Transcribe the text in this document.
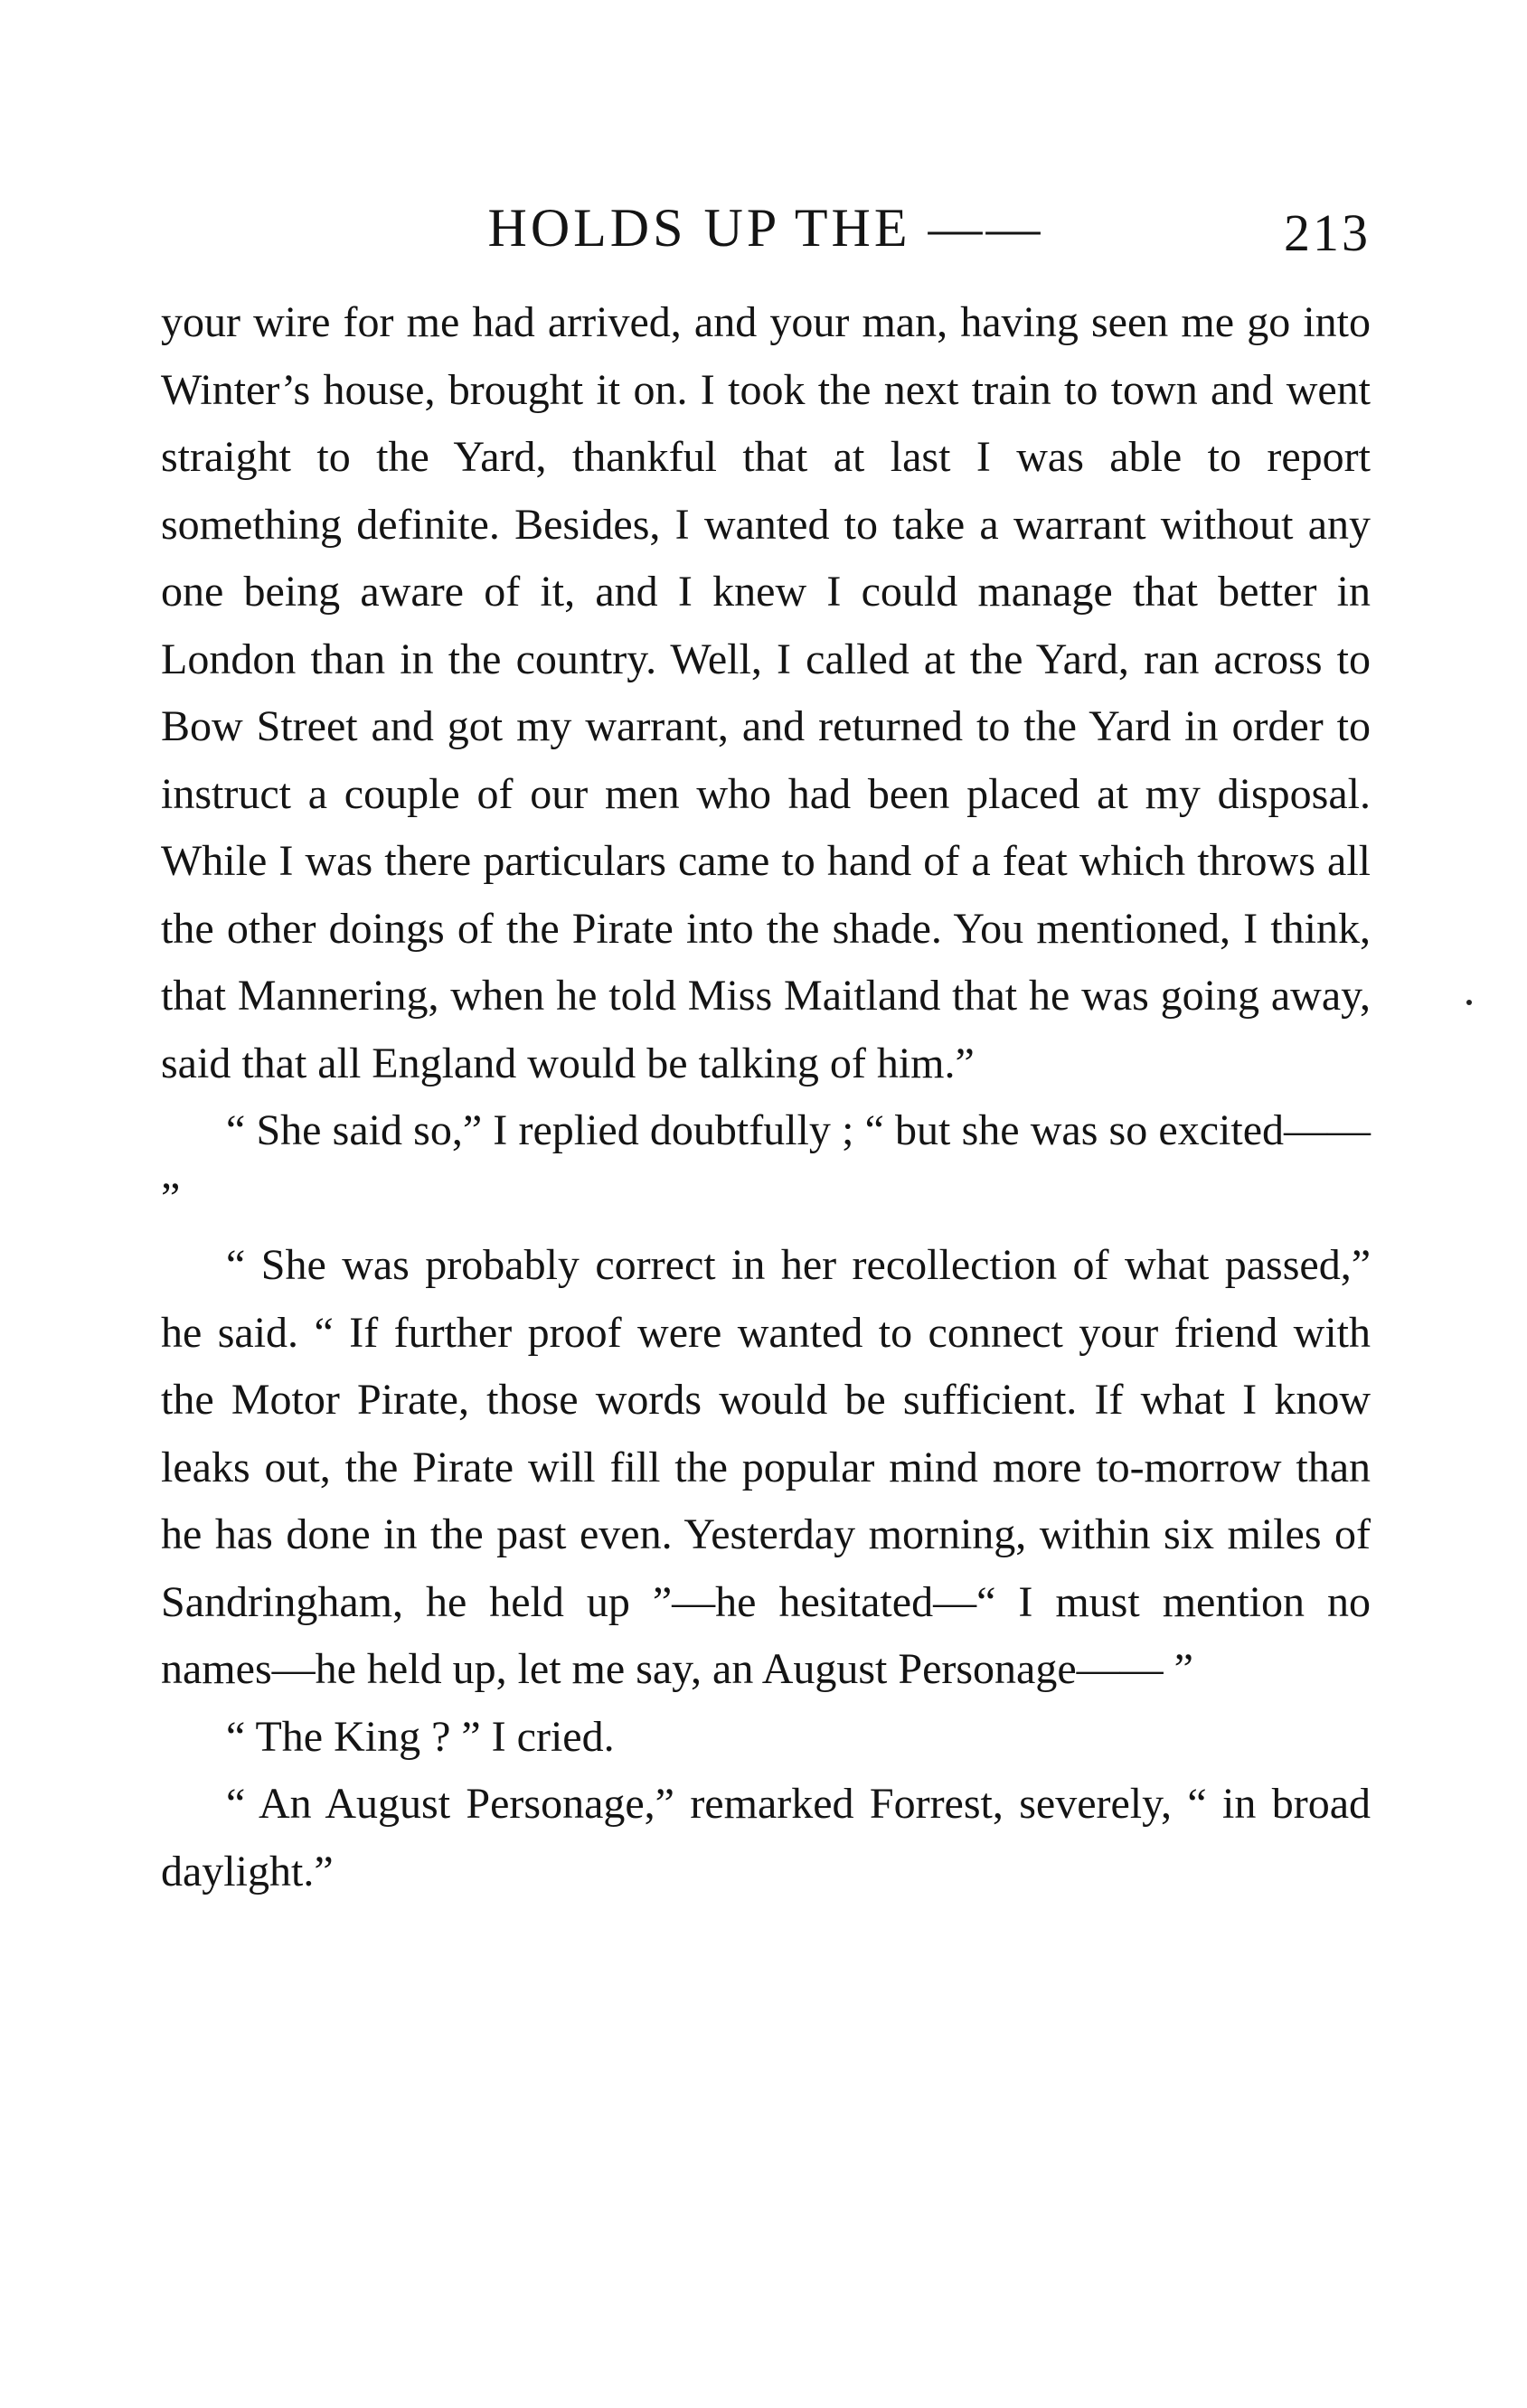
HOLDS UP THE ——	213

your wire for me had arrived, and your man, having seen me go into Winter’s house, brought it on. I took the next train to town and went straight to the Yard, thankful that at last I was able to report something definite. Besides, I wanted to take a warrant without any one being aware of it, and I knew I could manage that better in London than in the country. Well, I called at the Yard, ran across to Bow Street and got my warrant, and returned to the Yard in order to instruct a couple of our men who had been placed at my disposal. While I was there particulars came to hand of a feat which throws all the other doings of the Pirate into the shade. You mentioned, I think, that Mannering, when he told Miss Maitland that he was going away, said that all England would be talking of him.”

“ She said so,” I replied doubtfully ; “ but she was so excited—— ”

“ She was probably correct in her recollection of what passed,” he said. “ If further proof were wanted to connect your friend with the Motor Pirate, those words would be sufficient. If what I know leaks out, the Pirate will fill the popular mind more to-morrow than he has done in the past even. Yesterday morning, within six miles of Sandringham, he held up ”—he hesitated—“ I must mention no names—he held up, let me say, an August Personage—— ”

“ The King ? ” I cried.

“ An August Personage,” remarked Forrest, severely, “ in broad daylight.”
